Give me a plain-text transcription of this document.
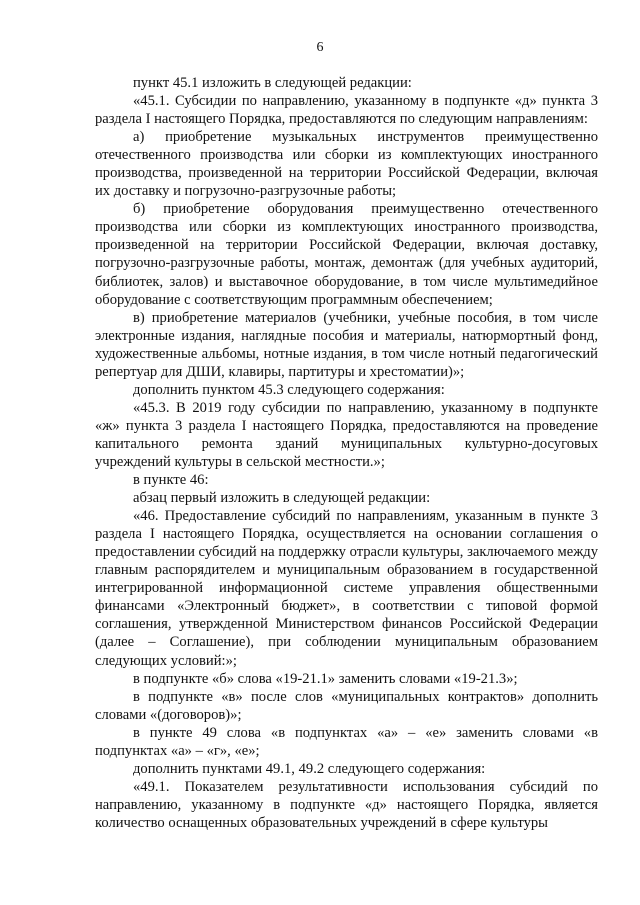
6

пункт 45.1 изложить в следующей редакции:

«45.1. Субсидии по направлению, указанному в подпункте «д» пункта 3 раздела I настоящего Порядка, предоставляются по следующим направлениям:

а) приобретение музыкальных инструментов преимущественно отечественного производства или сборки из комплектующих иностранного производства, произведенной на территории Российской Федерации, включая их доставку и погрузочно-разгрузочные работы;

б) приобретение оборудования преимущественно отечественного производства или сборки из комплектующих иностранного производства, произведенной на территории Российской Федерации, включая доставку, погрузочно-разгрузочные работы, монтаж, демонтаж (для учебных аудиторий, библиотек, залов) и выставочное оборудование, в том числе мультимедийное оборудование с соответствующим программным обеспечением;

в) приобретение материалов (учебники, учебные пособия, в том числе электронные издания, наглядные пособия и материалы, натюрмортный фонд, художественные альбомы, нотные издания, в том числе нотный педагогический репертуар для ДШИ, клавиры, партитуры и хрестоматии)»;

дополнить пунктом 45.3 следующего содержания:

«45.3. В 2019 году субсидии по направлению, указанному в подпункте «ж» пункта 3 раздела I настоящего Порядка, предоставляются на проведение капитального ремонта зданий муниципальных культурно-досуговых учреждений культуры в сельской местности.»;

в пункте 46:

абзац первый изложить в следующей редакции:

«46. Предоставление субсидий по направлениям, указанным в пункте 3 раздела I настоящего Порядка, осуществляется на основании соглашения о предоставлении субсидий на поддержку отрасли культуры, заключаемого между главным распорядителем и муниципальным образованием в государственной интегрированной информационной системе управления общественными финансами «Электронный бюджет», в соответствии с типовой формой соглашения, утвержденной Министерством финансов Российской Федерации (далее – Соглашение), при соблюдении муниципальным образованием следующих условий:»;

в подпункте «б» слова «19-21.1» заменить словами «19-21.3»;

в подпункте «в» после слов «муниципальных контрактов» дополнить словами «(договоров)»;

в пункте 49 слова «в подпунктах «а» – «е» заменить словами «в подпунктах «а» – «г», «е»;

дополнить пунктами 49.1, 49.2 следующего содержания:

«49.1. Показателем результативности использования субсидий по направлению, указанному в подпункте «д» настоящего Порядка, является количество оснащенных образовательных учреждений в сфере культуры
